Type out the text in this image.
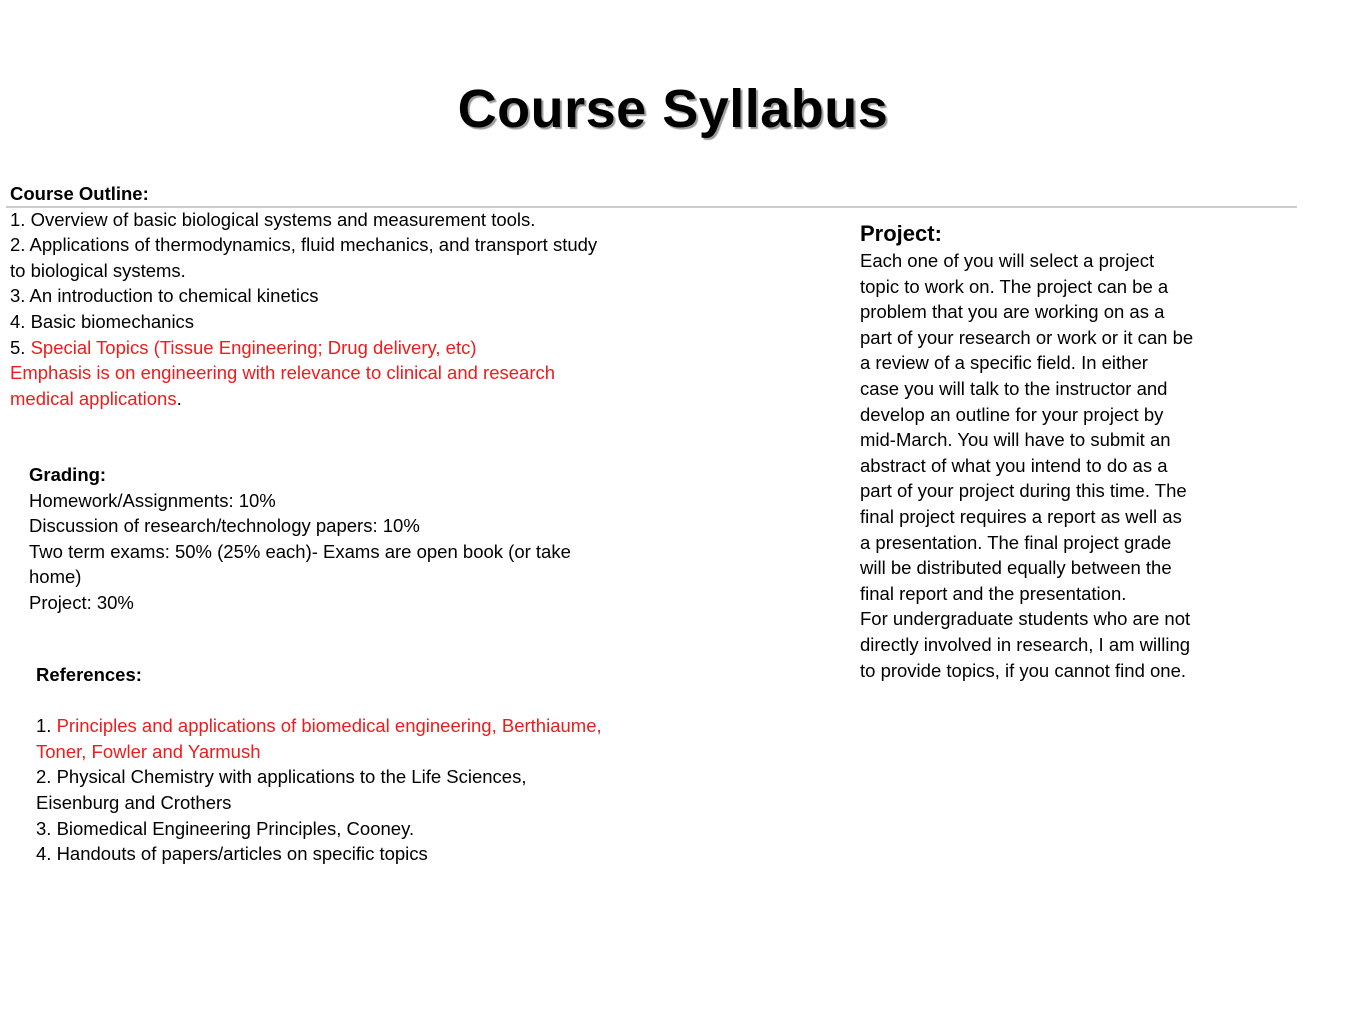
Course Syllabus
Course Outline:
1. Overview of basic biological systems and measurement tools.
2. Applications of thermodynamics, fluid mechanics, and transport study
to biological systems.
3. An introduction to chemical kinetics
4. Basic biomechanics
5. Special Topics (Tissue Engineering; Drug delivery, etc)
Emphasis is on engineering with relevance to clinical and research
medical applications.
Grading:
Homework/Assignments: 10%
Discussion of research/technology papers: 10%
Two term exams: 50% (25% each)- Exams are open book (or take
home)
Project: 30%
References:
1. Principles and applications of biomedical engineering, Berthiaume,
Toner, Fowler and Yarmush
2. Physical Chemistry with applications to the Life Sciences,
Eisenburg and Crothers
3. Biomedical Engineering Principles, Cooney.
4. Handouts of papers/articles on specific topics
Project:
Each one of you will select a project
topic to work on. The project can be a
problem that you are working on as a
part of your research or work or it can be
a review of a specific field. In either
case you will talk to the instructor and
develop an outline for your project by
mid-March. You will have to submit an
abstract of what you intend to do as a
part of your project during this time. The
final project requires a report as well as
a presentation. The final project grade
will be distributed equally between the
final report and the presentation.
For undergraduate students who are not
directly involved in research, I am willing
to provide topics, if you cannot find one.
